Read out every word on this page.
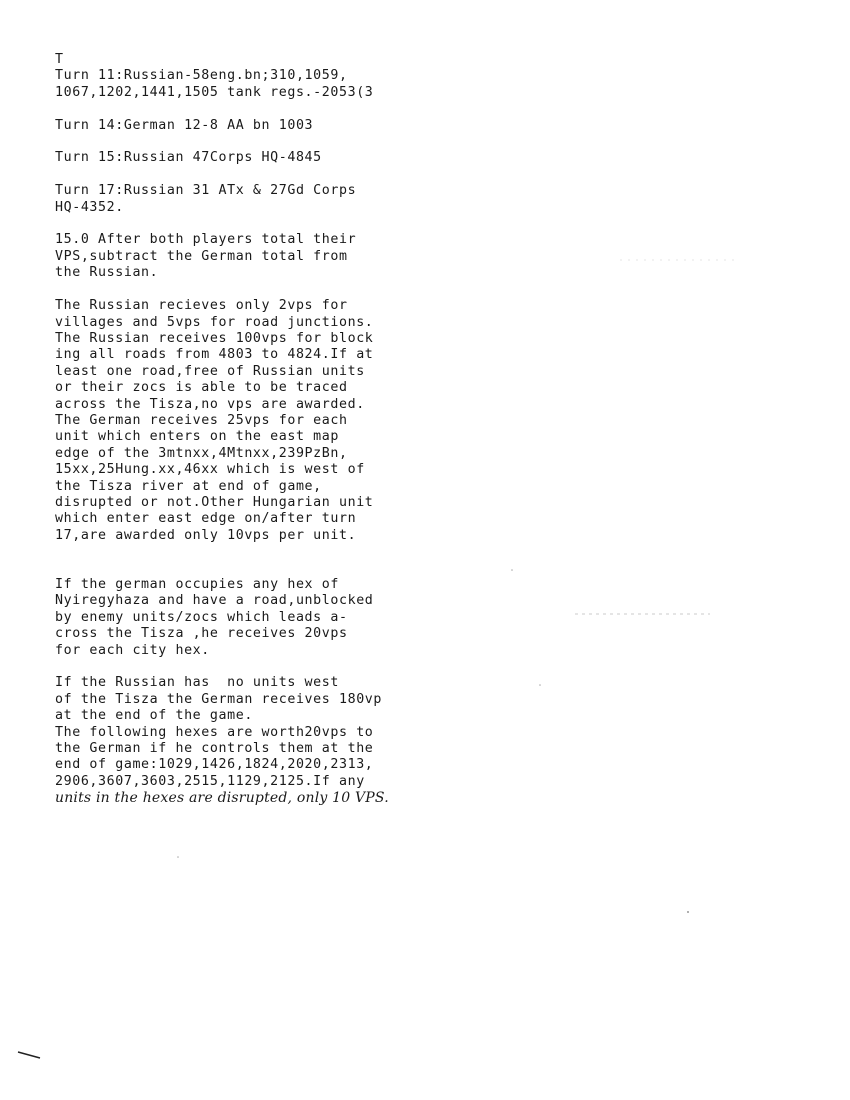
T
Turn 11:Russian-58eng.bn;310,1059,
1067,1202,1441,1505 tank regs.-2053(3

Turn 14:German 12-8 AA bn 1003

Turn 15:Russian 47Corps HQ-4845

Turn 17:Russian 31 ATx & 27Gd Corps
HQ-4352.

15.0 After both players total their
VPS,subtract the German total from
the Russian.

The Russian recieves only 2vps for
villages and 5vps for road junctions.
The Russian receives 100vps for block
ing all roads from 4803 to 4824.If at
least one road,free of Russian units
or their zocs is able to be traced
across the Tisza,no vps are awarded.
The German receives 25vps for each
unit which enters on the east map
edge of the 3mtnxx,4Mtnxx,239PzBn,
15xx,25Hung.xx,46xx which is west of
the Tisza river at end of game,
disrupted or not.Other Hungarian unit
which enter east edge on/after turn
17,are awarded only 10vps per unit.

If the german occupies any hex of
Nyiregyhaza and have a road,unblocked
by enemy units/zocs which leads a-
cross the Tisza ,he receives 20vps
for each city hex.

If the Russian has  no units west
of the Tisza the German receives 180vp
at the end of the game.
The following hexes are worth20vps to
the German if he controls them at the
end of game:1029,1426,1824,2020,2313,
2906,3607,3603,2515,1129,2125.If any
units in the hexes are disrupted, only 10 VPS.
